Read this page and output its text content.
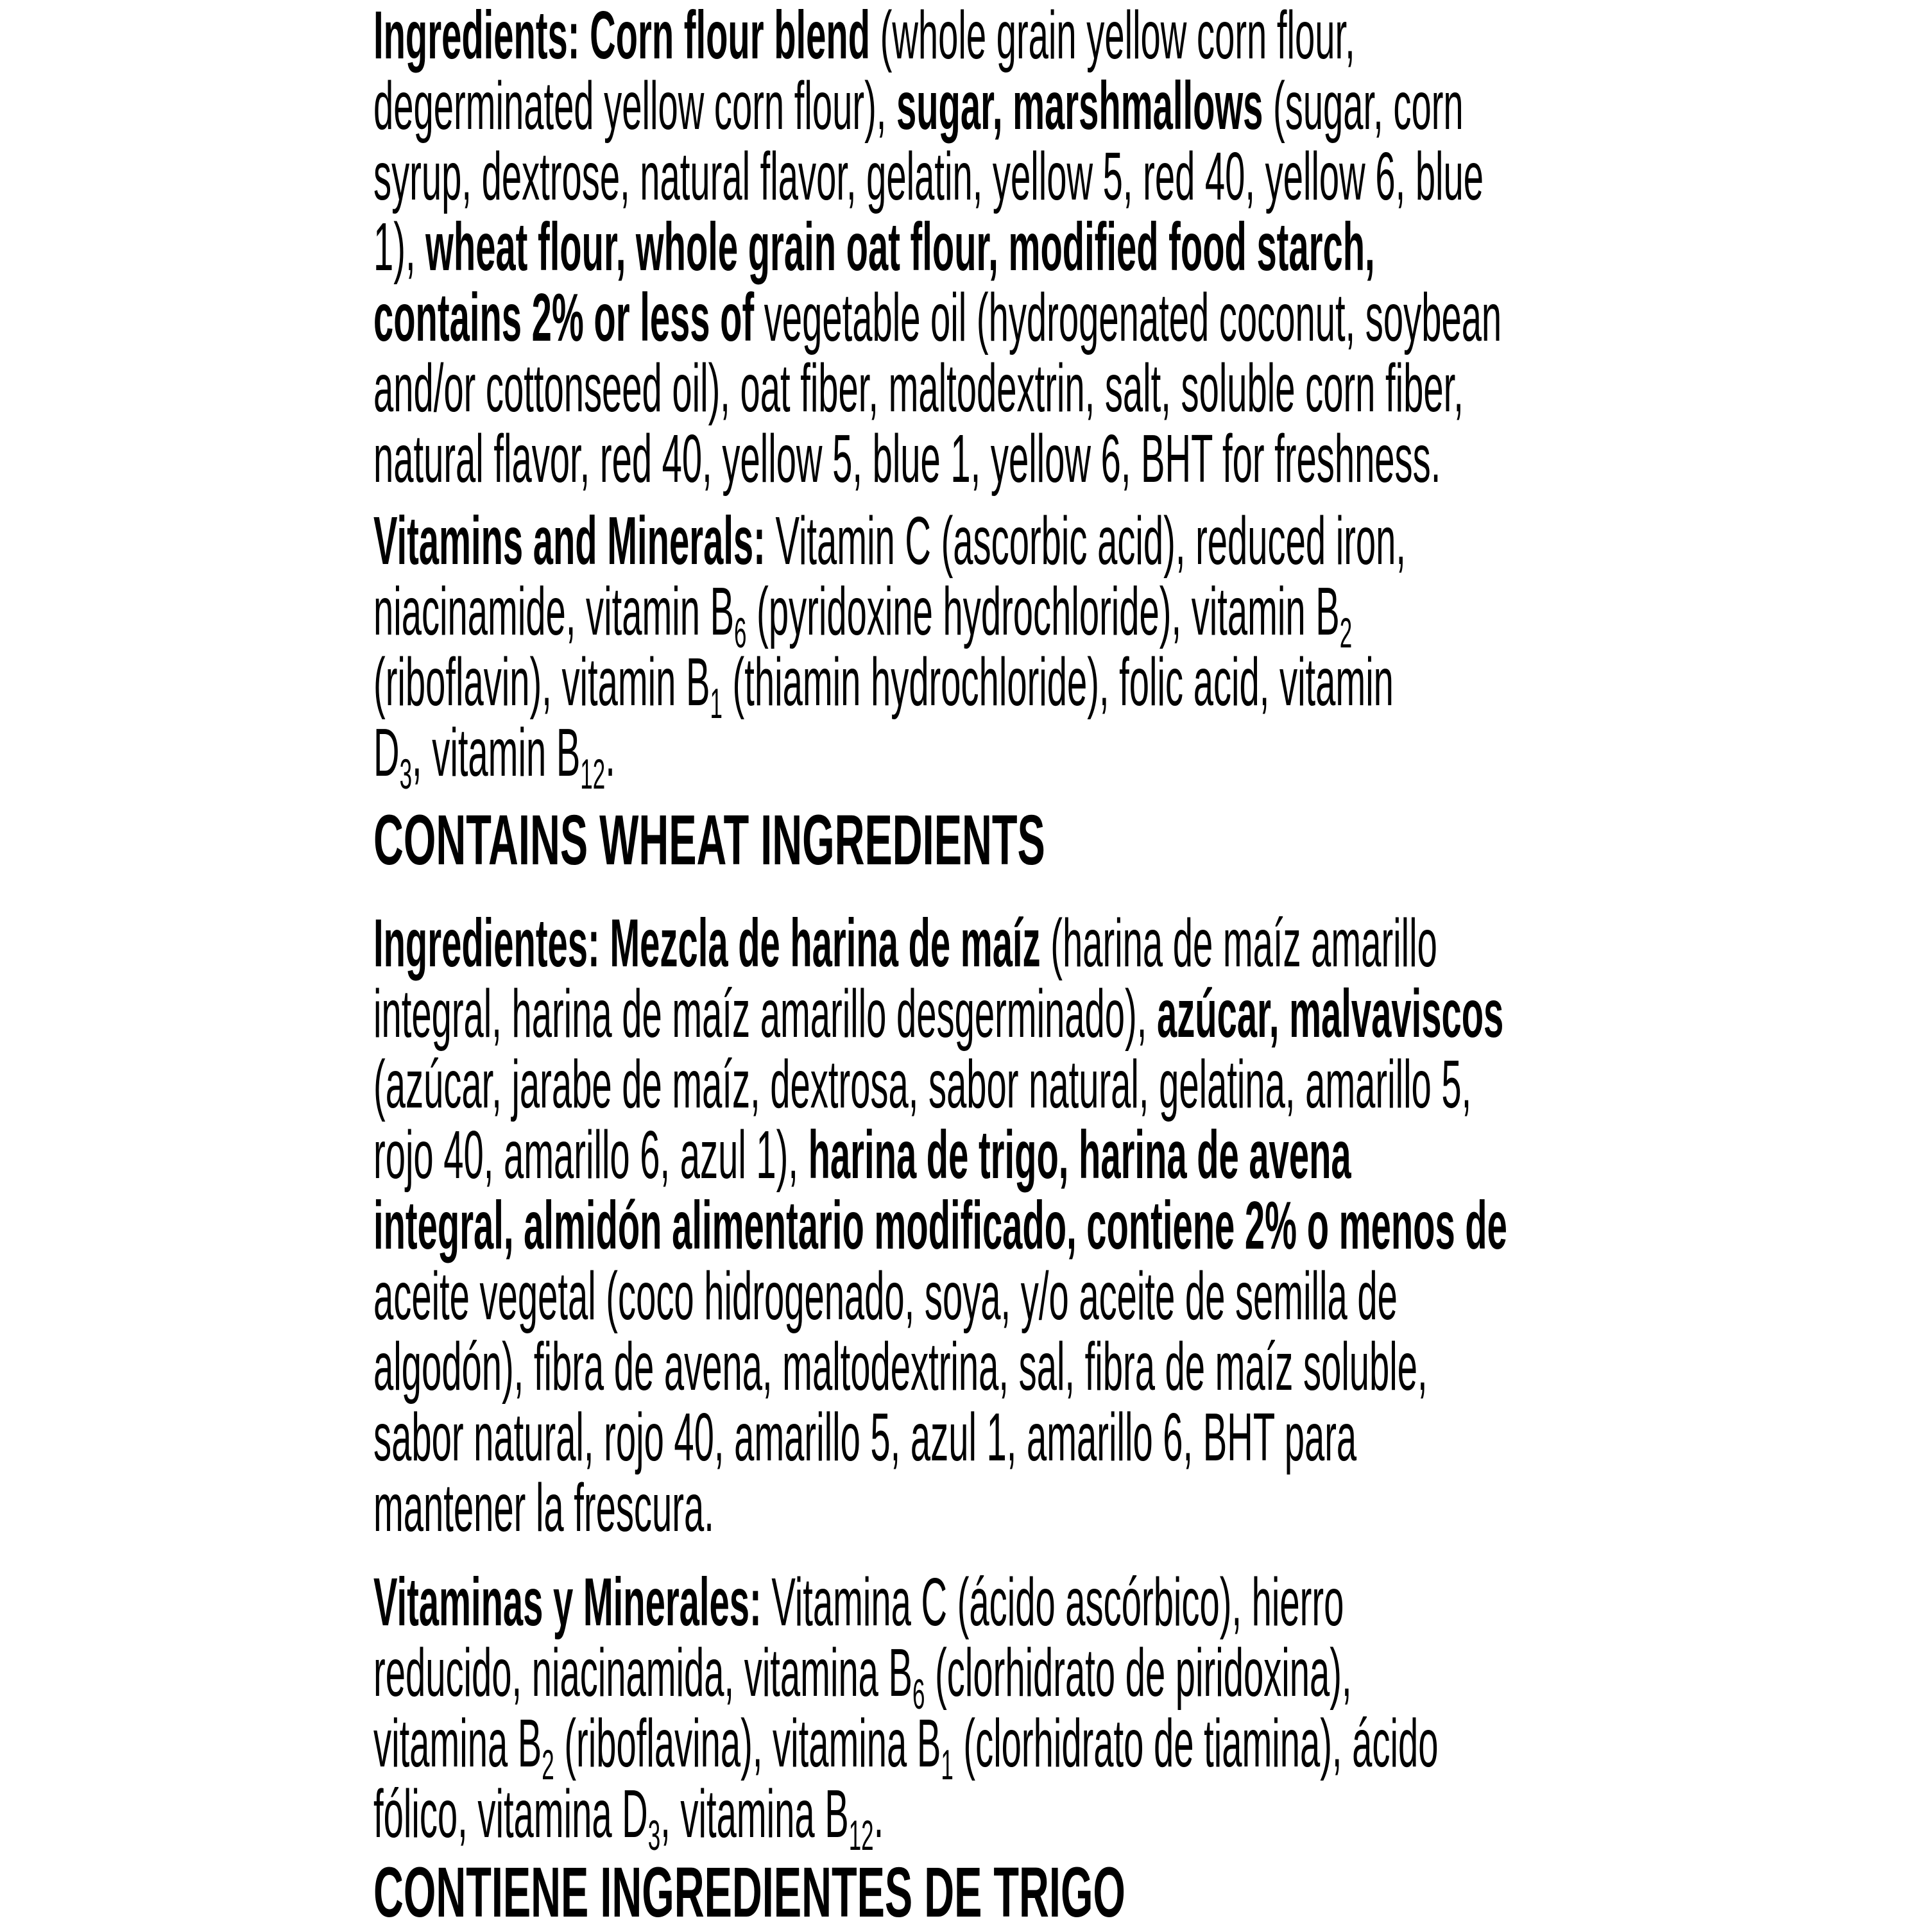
Ingredients: Corn flour blend (whole grain yellow corn flour,
degerminated yellow corn flour), sugar, marshmallows (sugar, corn
syrup, dextrose, natural flavor, gelatin, yellow 5, red 40, yellow 6, blue
1), wheat flour, whole grain oat flour, modified food starch,
contains 2% or less of vegetable oil (hydrogenated coconut, soybean
and/or cottonseed oil), oat fiber, maltodextrin, salt, soluble corn fiber,
natural flavor, red 40, yellow 5, blue 1, yellow 6, BHT for freshness.
Vitamins and Minerals: Vitamin C (ascorbic acid), reduced iron,
niacinamide, vitamin $B_6$ (pyridoxine hydrochloride), vitamin $B_2$
(riboflavin), vitamin $B_1$ (thiamin hydrochloride), folic acid, vitamin
$D_3$, vitamin $B_{12}$.
CONTAINS WHEAT INGREDIENTS
Ingredientes: Mezcla de harina de maíz (harina de maíz amarillo
integral, harina de maíz amarillo desgerminado), azúcar, malvaviscos
(azúcar, jarabe de maíz, dextrosa, sabor natural, gelatina, amarillo 5,
rojo 40, amarillo 6, azul 1), harina de trigo, harina de avena
integral, almidón alimentario modificado, contiene 2% o menos de
aceite vegetal (coco hidrogenado, soya, y/o aceite de semilla de
algodón), fibra de avena, maltodextrina, sal, fibra de maíz soluble,
sabor natural, rojo 40, amarillo 5, azul 1, amarillo 6, BHT para
mantener la frescura.
Vitaminas y Minerales: Vitamina C (ácido ascórbico), hierro
reducido, niacinamida, vitamina $B_6$ (clorhidrato de piridoxina),
vitamina $B_2$ (riboflavina), vitamina $B_1$ (clorhidrato de tiamina), ácido
fólico, vitamina $D_3$, vitamina $B_{12}$.
CONTIENE INGREDIENTES DE TRIGO
